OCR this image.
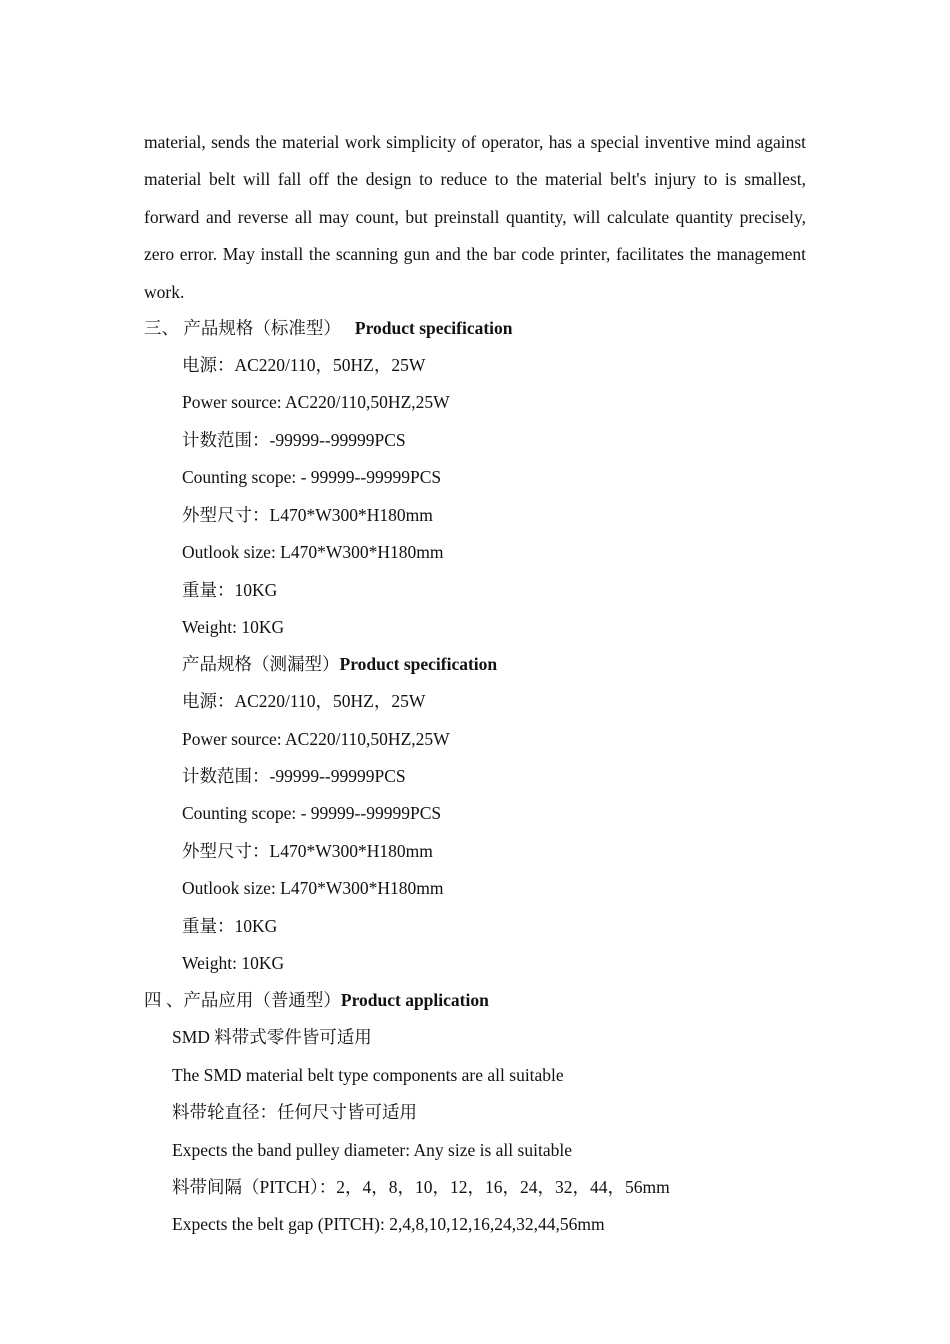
material, sends the material work simplicity of operator, has a special inventive mind against material belt will fall off the design to reduce to the material belt's injury to is smallest, forward and reverse all may count, but preinstall quantity, will calculate quantity precisely, zero error. May install the scanning gun and the bar code printer, facilitates the management work.

三、 产品规格（标准型） Product specification
电源：AC220/110，50HZ，25W
Power source: AC220/110,50HZ,25W
计数范围：-99999--99999PCS
Counting scope: - 99999--99999PCS
外型尺寸：L470*W300*H180mm
Outlook size: L470*W300*H180mm
重量：10KG
Weight: 10KG
产品规格（测漏型）Product specification
电源：AC220/110，50HZ，25W
Power source: AC220/110,50HZ,25W
计数范围：-99999--99999PCS
Counting scope: - 99999--99999PCS
外型尺寸：L470*W300*H180mm
Outlook size: L470*W300*H180mm
重量：10KG
Weight: 10KG
四 、产品应用（普通型）Product application
SMD 料带式零件皆可适用
The SMD material belt type components are all suitable
料带轮直径：任何尺寸皆可适用
Expects the band pulley diameter: Any size is all suitable
料带间隔（PITCH）：2，4，8，10，12，16，24，32，44，56mm
Expects the belt gap (PITCH): 2,4,8,10,12,16,24,32,44,56mm
